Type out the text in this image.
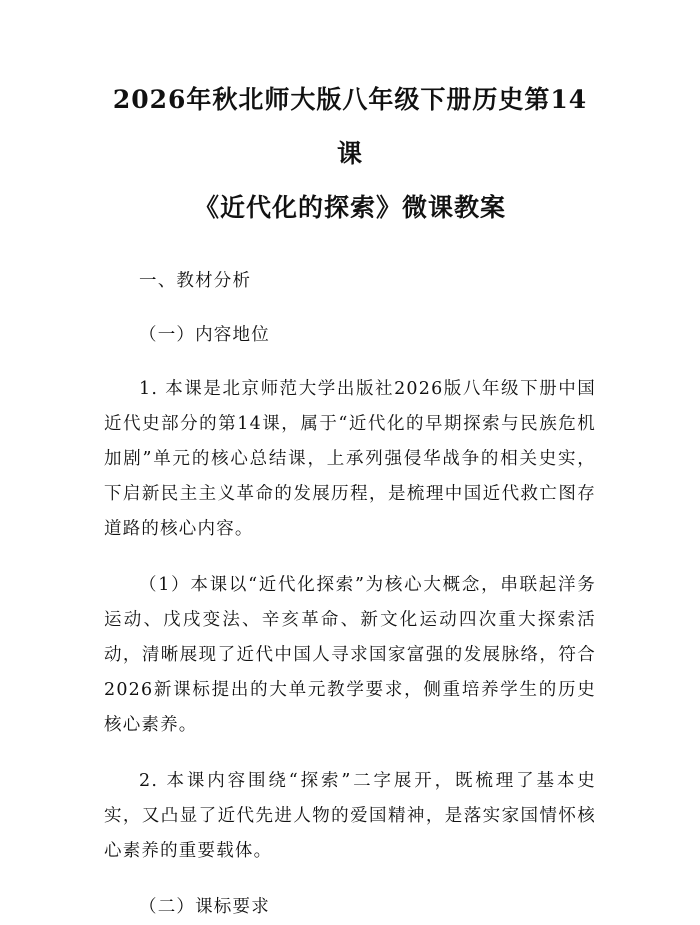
2026年秋北师大版八年级下册历史第14课
《近代化的探索》微课教案

一、教材分析

（一）内容地位

1. 本课是北京师范大学出版社2026版八年级下册中国近代史部分的第14课，属于“近代化的早期探索与民族危机加剧”单元的核心总结课，上承列强侵华战争的相关史实，下启新民主主义革命的发展历程，是梳理中国近代救亡图存道路的核心内容。

（1）本课以“近代化探索”为核心大概念，串联起洋务运动、戊戌变法、辛亥革命、新文化运动四次重大探索活动，清晰展现了近代中国人寻求国家富强的发展脉络，符合2026新课标提出的大单元教学要求，侧重培养学生的历史核心素养。

2. 本课内容围绕“探索”二字展开，既梳理了基本史实，又凸显了近代先进人物的爱国精神，是落实家国情怀核心素养的重要载体。

（二）课标要求
